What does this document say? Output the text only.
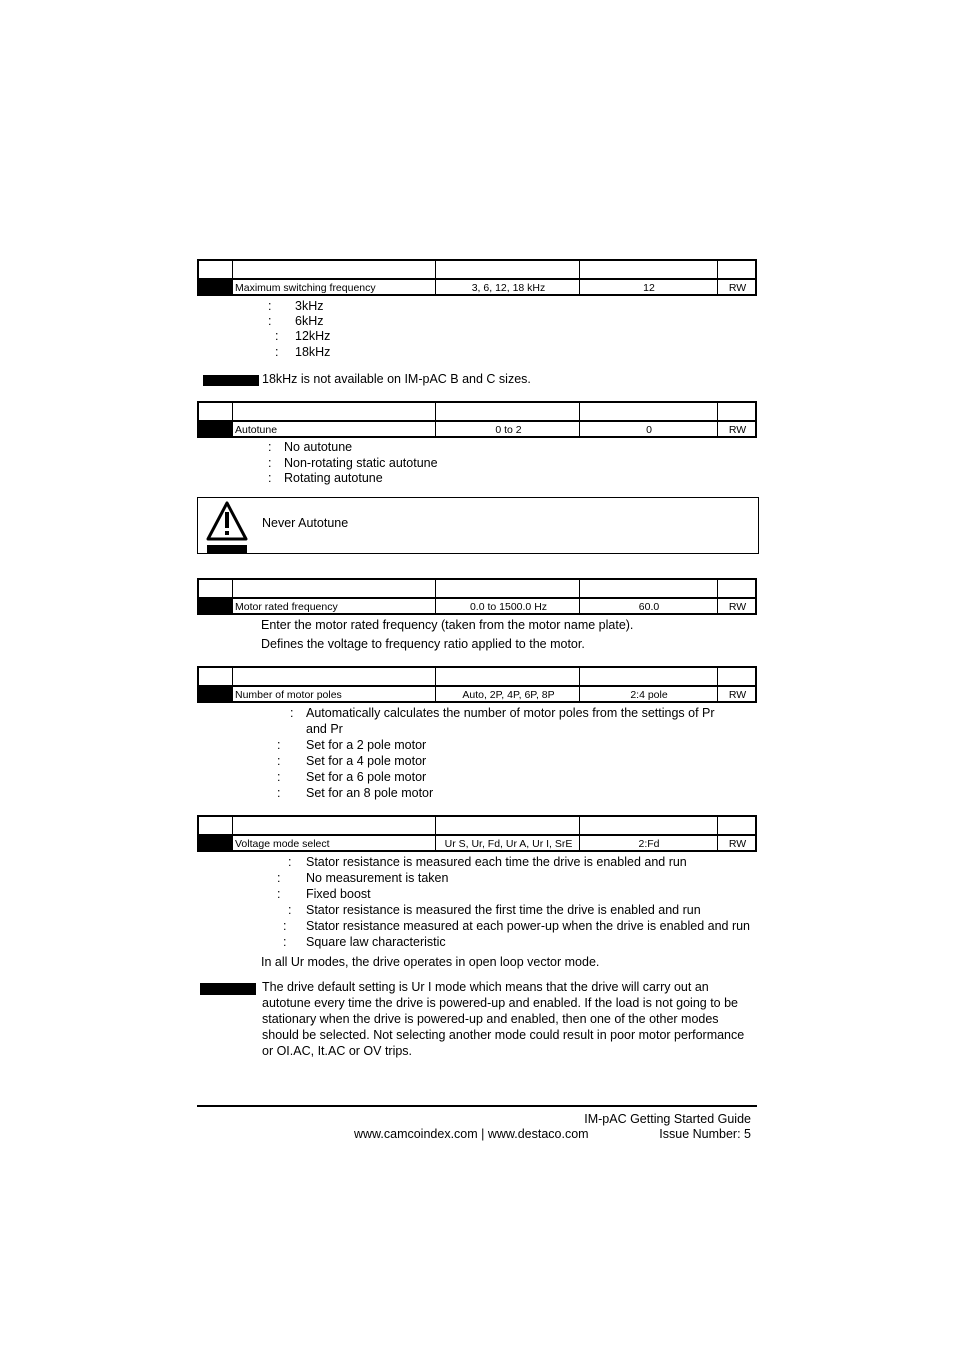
Maximum switching frequency	3, 6, 12, 18 kHz	12	RW
: 3kHz
: 6kHz
: 12kHz
: 18kHz
18kHz is not available on IM-pAC B and C sizes.
Autotune	0 to 2	0	RW
: No autotune
: Non-rotating static autotune
: Rotating autotune
Never Autotune
Motor rated frequency	0.0 to 1500.0 Hz	60.0	RW
Enter the motor rated frequency (taken from the motor name plate).
Defines the voltage to frequency ratio applied to the motor.
Number of motor poles	Auto, 2P, 4P, 6P, 8P	2:4 pole	RW
: Automatically calculates the number of motor poles from the settings of Pr
and Pr
: Set for a 2 pole motor
: Set for a 4 pole motor
: Set for a 6 pole motor
: Set for an 8 pole motor
Voltage mode select	Ur S, Ur, Fd, Ur A, Ur I, SrE	2:Fd	RW
: Stator resistance is measured each time the drive is enabled and run
: No measurement is taken
: Fixed boost
: Stator resistance is measured the first time the drive is enabled and run
: Stator resistance measured at each power-up when the drive is enabled and run
: Square law characteristic
In all Ur modes, the drive operates in open loop vector mode.
The drive default setting is Ur I mode which means that the drive will carry out an
autotune every time the drive is powered-up and enabled. If the load is not going to be
stationary when the drive is powered-up and enabled, then one of the other modes
should be selected. Not selecting another mode could result in poor motor performance
or OI.AC, It.AC or OV trips.
IM-pAC Getting Started Guide
www.camcoindex.com | www.destaco.com	Issue Number: 5
